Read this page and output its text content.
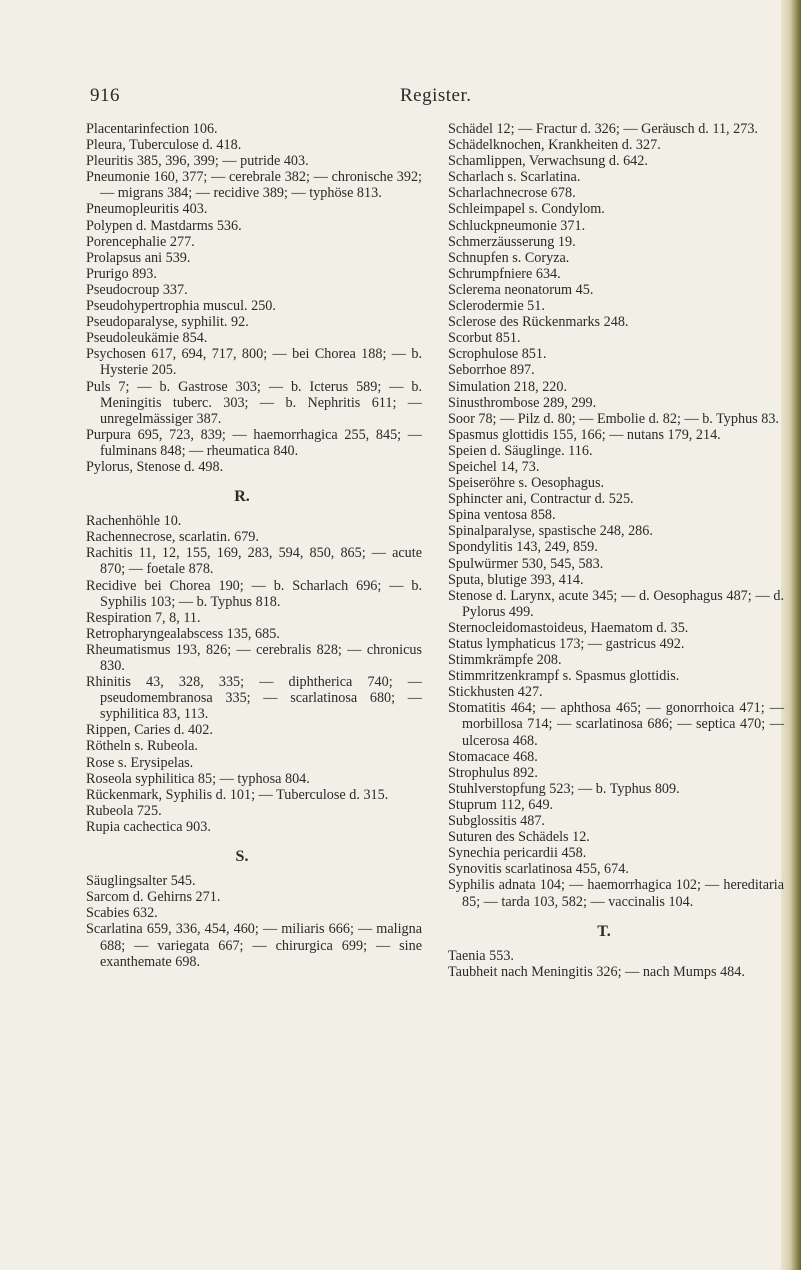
916	Register.

Placentarinfection 106.

Pleura, Tuberculose d. 418.

Pleuritis 385, 396, 399; — putride 403.

Pneumonie 160, 377; — cerebrale 382; — chronische 392; — migrans 384; — recidive 389; — typhöse 813.

Pneumopleuritis 403.

Polypen d. Mastdarms 536.

Porencephalie 277.

Prolapsus ani 539.

Prurigo 893.

Pseudocroup 337.

Pseudohypertrophia muscul. 250.

Pseudoparalyse, syphilit. 92.

Pseudoleukämie 854.

Psychosen 617, 694, 717, 800; — bei Chorea 188; — b. Hysterie 205.

Puls 7; — b. Gastrose 303; — b. Icterus 589; — b. Meningitis tuberc. 303; — b. Nephritis 611; — unregelmässiger 387.

Purpura 695, 723, 839; — haemorrhagica 255, 845; — fulminans 848; — rheumatica 840.

Pylorus, Stenose d. 498.

R.

Rachenhöhle 10.

Rachennecrose, scarlatin. 679.

Rachitis 11, 12, 155, 169, 283, 594, 850, 865; — acute 870; — foetale 878.

Recidive bei Chorea 190; — b. Scharlach 696; — b. Syphilis 103; — b. Typhus 818.

Respiration 7, 8, 11.

Retropharyngealabscess 135, 685.

Rheumatismus 193, 826; — cerebralis 828; — chronicus 830.

Rhinitis 43, 328, 335; — diphtherica 740; — pseudomembranosa 335; — scarlatinosa 680; — syphilitica 83, 113.

Rippen, Caries d. 402.

Rötheln s. Rubeola.

Rose s. Erysipelas.

Roseola syphilitica 85; — typhosa 804.

Rückenmark, Syphilis d. 101; — Tuberculose d. 315.

Rubeola 725.

Rupia cachectica 903.

S.

Säuglingsalter 545.

Sarcom d. Gehirns 271.

Scabies 632.

Scarlatina 659, 336, 454, 460; — miliaris 666; — maligna 688; — variegata 667; — chirurgica 699; — sine exanthemate 698.

Schädel 12; — Fractur d. 326; — Geräusch d. 11, 273.

Schädelknochen, Krankheiten d. 327.

Schamlippen, Verwachsung d. 642.

Scharlach s. Scarlatina.

Scharlachnecrose 678.

Schleimpapel s. Condylom.

Schluckpneumonie 371.

Schmerzäusserung 19.

Schnupfen s. Coryza.

Schrumpfniere 634.

Sclerema neonatorum 45.

Sclerodermie 51.

Sclerose des Rückenmarks 248.

Scorbut 851.

Scrophulose 851.

Seborrhoe 897.

Simulation 218, 220.

Sinusthrombose 289, 299.

Soor 78; — Pilz d. 80; — Embolie d. 82; — b. Typhus 83.

Spasmus glottidis 155, 166; — nutans 179, 214.

Speien d. Säuglinge. 116.

Speichel 14, 73.

Speiseröhre s. Oesophagus.

Sphincter ani, Contractur d. 525.

Spina ventosa 858.

Spinalparalyse, spastische 248, 286.

Spondylitis 143, 249, 859.

Spulwürmer 530, 545, 583.

Sputa, blutige 393, 414.

Stenose d. Larynx, acute 345; — d. Oesophagus 487; — d. Pylorus 499.

Sternocleidomastoideus, Haematom d. 35.

Status lymphaticus 173; — gastricus 492.

Stimmkrämpfe 208.

Stimmritzenkrampf s. Spasmus glottidis.

Stickhusten 427.

Stomatitis 464; — aphthosa 465; — gonorrhoica 471; — morbillosa 714; — scarlatinosa 686; — septica 470; — ulcerosa 468.

Stomacace 468.

Strophulus 892.

Stuhlverstopfung 523; — b. Typhus 809.

Stuprum 112, 649.

Subglossitis 487.

Suturen des Schädels 12.

Synechia pericardii 458.

Synovitis scarlatinosa 455, 674.

Syphilis adnata 104; — haemorrhagica 102; — hereditaria 85; — tarda 103, 582; — vaccinalis 104.

T.

Taenia 553.

Taubheit nach Meningitis 326; — nach Mumps 484.
